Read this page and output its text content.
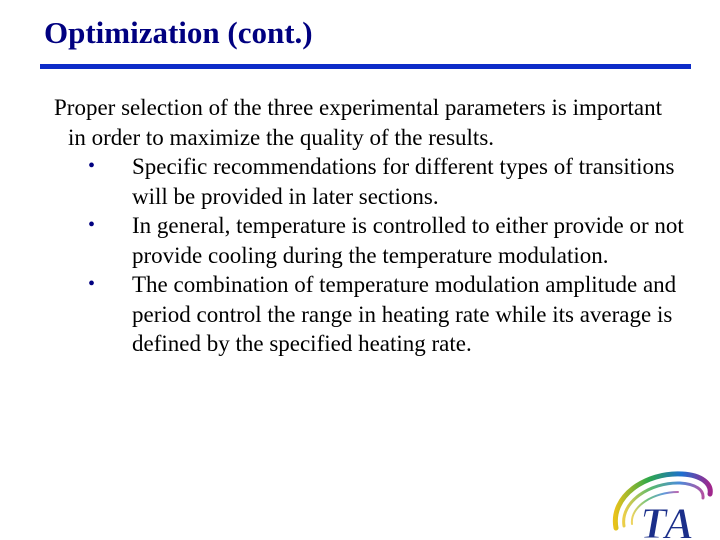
Optimization (cont.)

Proper selection of the three experimental parameters is important in order to maximize the quality of the results.

• Specific recommendations for different types of transitions will be provided in later sections.
• In general, temperature is controlled to either provide or not provide cooling during the temperature modulation.
• The combination of temperature modulation amplitude and period control the range in heating rate while its average is defined by the specified heating rate.
TA
